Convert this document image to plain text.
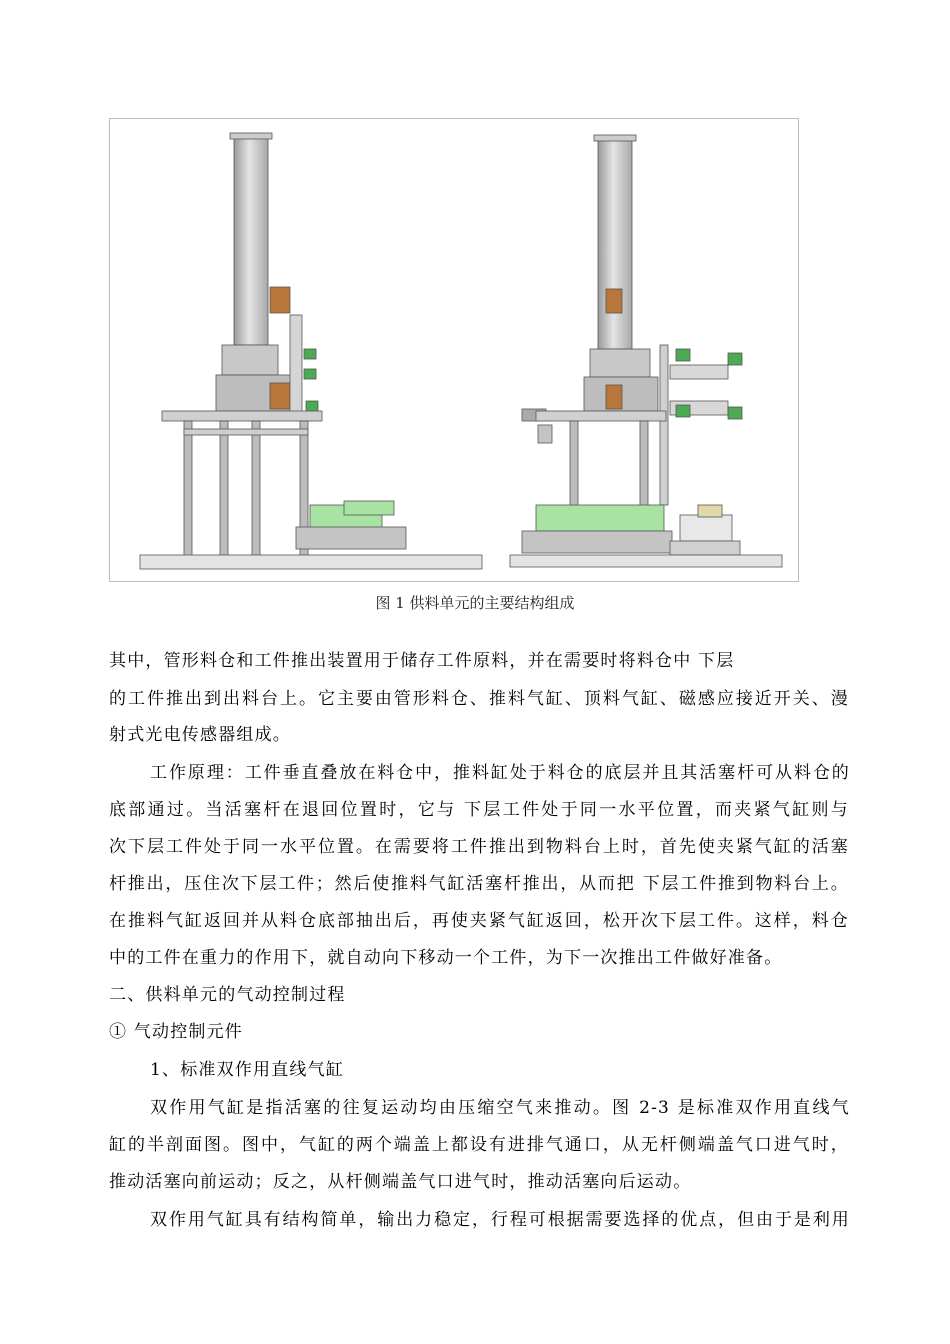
图 1 供料单元的主要结构组成
其中，管形料仓和工件推出装置用于储存工件原料，并在需要时将料仓中 下层
的工件推出到出料台上。它主要由管形料仓、推料气缸、顶料气缸、磁感应接近开关、漫
射式光电传感器组成。
工作原理：工件垂直叠放在料仓中，推料缸处于料仓的底层并且其活塞杆可从料仓的
底部通过。当活塞杆在退回位置时，它与 下层工件处于同一水平位置，而夹紧气缸则与
次下层工件处于同一水平位置。在需要将工件推出到物料台上时，首先使夹紧气缸的活塞
杆推出，压住次下层工件；然后使推料气缸活塞杆推出，从而把 下层工件推到物料台上。
在推料气缸返回并从料仓底部抽出后，再使夹紧气缸返回，松开次下层工件。这样，料仓
中的工件在重力的作用下，就自动向下移动一个工件，为下一次推出工件做好准备。
二、供料单元的气动控制过程
① 气动控制元件
1、标准双作用直线气缸
双作用气缸是指活塞的往复运动均由压缩空气来推动。图 2-3 是标准双作用直线气
缸的半剖面图。图中，气缸的两个端盖上都设有进排气通口，从无杆侧端盖气口进气时，
推动活塞向前运动；反之，从杆侧端盖气口进气时，推动活塞向后运动。
双作用气缸具有结构简单，输出力稳定，行程可根据需要选择的优点，但由于是利用
